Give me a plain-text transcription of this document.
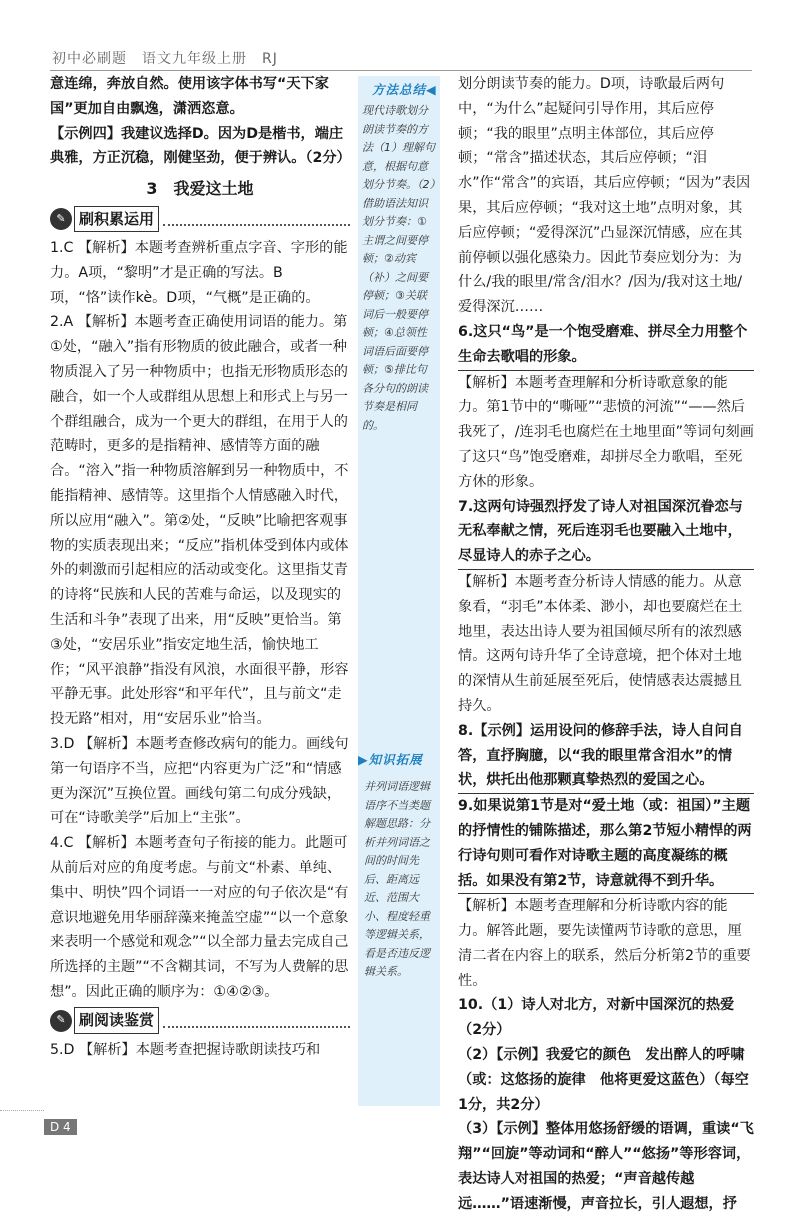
初中必刷题　语文九年级上册　RJ

意连绵，奔放自然。使用该字体书写“天下家国”更加自由飘逸，潇洒恣意。

【示例四】我建议选择D。因为D是楷书，端庄典雅，方正沉稳，刚健坚劲，便于辨认。（2分）

3　我爱这土地
✎ 刷积累运用

1.C 【解析】本题考查辨析重点字音、字形的能力。A项，“黎明”才是正确的写法。B项，“恪”读作kè。D项，“气概”是正确的。

2.A 【解析】本题考查正确使用词语的能力。第①处，“融入”指有形物质的彼此融合，或者一种物质混入了另一种物质中；也指无形物质形态的融合，如一个人或群组从思想上和形式上与另一个群组融合，成为一个更大的群组，在用于人的范畴时，更多的是指精神、感情等方面的融合。“溶入”指一种物质溶解到另一种物质中，不能指精神、感情等。这里指个人情感融入时代，所以应用“融入”。第②处，“反映”比喻把客观事物的实质表现出来；“反应”指机体受到体内或体外的刺激而引起相应的活动或变化。这里指艾青的诗将“民族和人民的苦难与命运，以及现实的生活和斗争”表现了出来，用“反映”更恰当。第③处，“安居乐业”指安定地生活，愉快地工作；“风平浪静”指没有风浪，水面很平静，形容平静无事。此处形容“和平年代”，且与前文“走投无路”相对，用“安居乐业”恰当。

3.D 【解析】本题考查修改病句的能力。画线句第一句语序不当，应把“内容更为广泛”和“情感更为深沉”互换位置。画线句第二句成分残缺，可在“诗歌美学”后加上“主张”。

4.C 【解析】本题考查句子衔接的能力。此题可从前后对应的角度考虑。与前文“朴素、单纯、集中、明快”四个词语一一对应的句子依次是“有意识地避免用华丽辞藻来掩盖空虚”“以一个意象来表明一个感觉和观念”“以全部力量去完成自己所选择的主题”“不含糊其词，不写为人费解的思想”。因此正确的顺序为：①④②③。

✎ 刷阅读鉴赏

5.D 【解析】本题考查把握诗歌朗读技巧和

方法总结◀
现代诗歌划分朗读节奏的方法（1）理解句意，根据句意划分节奏。（2）借助语法知识划分节奏：①主谓之间要停顿；②动宾（补）之间要停顿；③关联词后一般要停顿；④总领性词语后面要停顿；⑤排比句各分句的朗读节奏是相同的。
▶知识拓展
并列词语逻辑语序不当类题解题思路：分析并列词语之间的时间先后、距离远近、范围大小、程度轻重等逻辑关系，看是否违反逻辑关系。

划分朗读节奏的能力。D项，诗歌最后两句中，“为什么”起疑问引导作用，其后应停顿；“我的眼里”点明主体部位，其后应停顿；“常含”描述状态，其后应停顿；“泪水”作“常含”的宾语，其后应停顿；“因为”表因果，其后应停顿；“我对这土地”点明对象，其后应停顿；“爱得深沉”凸显深沉情感，应在其前停顿以强化感染力。因此节奏应划分为：为什么/我的眼里/常含/泪水？/因为/我对这土地/爱得深沉……

6.这只“鸟”是一个饱受磨难、拼尽全力用整个生命去歌唱的形象。

【解析】本题考查理解和分析诗歌意象的能力。第1节中的“嘶哑”“悲愤的河流”“——然后我死了，/连羽毛也腐烂在土地里面”等词句刻画了这只“鸟”饱受磨难，却拼尽全力歌唱，至死方休的形象。

7.这两句诗强烈抒发了诗人对祖国深沉眷恋与无私奉献之情，死后连羽毛也要融入土地中，尽显诗人的赤子之心。

【解析】本题考查分析诗人情感的能力。从意象看，“羽毛”本体柔、渺小，却也要腐烂在土地里，表达出诗人要为祖国倾尽所有的浓烈感情。这两句诗升华了全诗意境，把个体对土地的深情从生前延展至死后，使情感表达震撼且持久。

8.【示例】运用设问的修辞手法，诗人自问自答，直抒胸臆，以“我的眼里常含泪水”的情状，烘托出他那颗真挚热烈的爱国之心。

9.如果说第1节是对“爱土地（或：祖国）”主题的抒情性的铺陈描述，那么第2节短小精悍的两行诗句则可看作对诗歌主题的高度凝练的概括。如果没有第2节，诗意就得不到升华。

【解析】本题考查理解和分析诗歌内容的能力。解答此题，要先读懂两节诗歌的意思，厘清二者在内容上的联系，然后分析第2节的重要性。

10.（1）诗人对北方，对新中国深沉的热爱（2分）

（2）【示例】我爱它的颜色　发出醉人的呼啸（或：这悠扬的旋律　他将更爱这蓝色）（每空1分，共2分）

（3）【示例】整体用悠扬舒缓的语调，重读“飞翔”“回旋”等动词和“醉人”“悠扬”等形容词，表达诗人对祖国的热爱；“声音越传越远……”语速渐慢，声音拉长，引人遐想，抒

D 4
